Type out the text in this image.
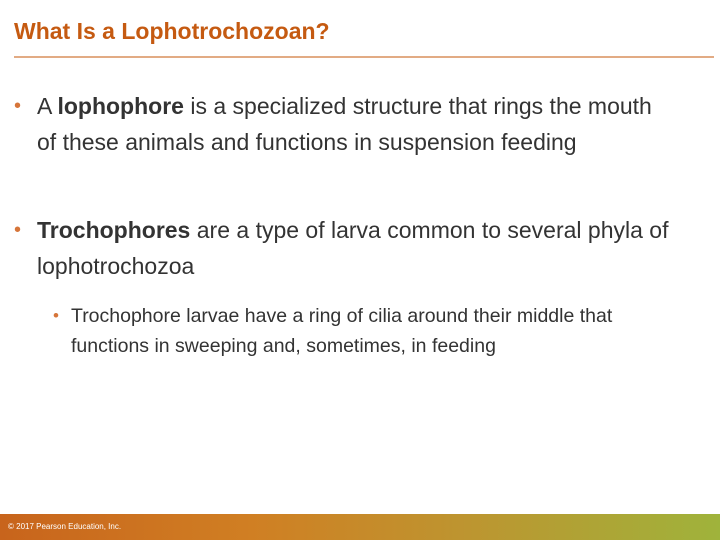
What Is a Lophotrochozoan?
• A lophophore is a specialized structure that rings the mouth of these animals and functions in suspension feeding
• Trochophores are a type of larva common to several phyla of lophotrochozoa
• Trochophore larvae have a ring of cilia around their middle that functions in sweeping and, sometimes, in feeding
© 2017 Pearson Education, Inc.
